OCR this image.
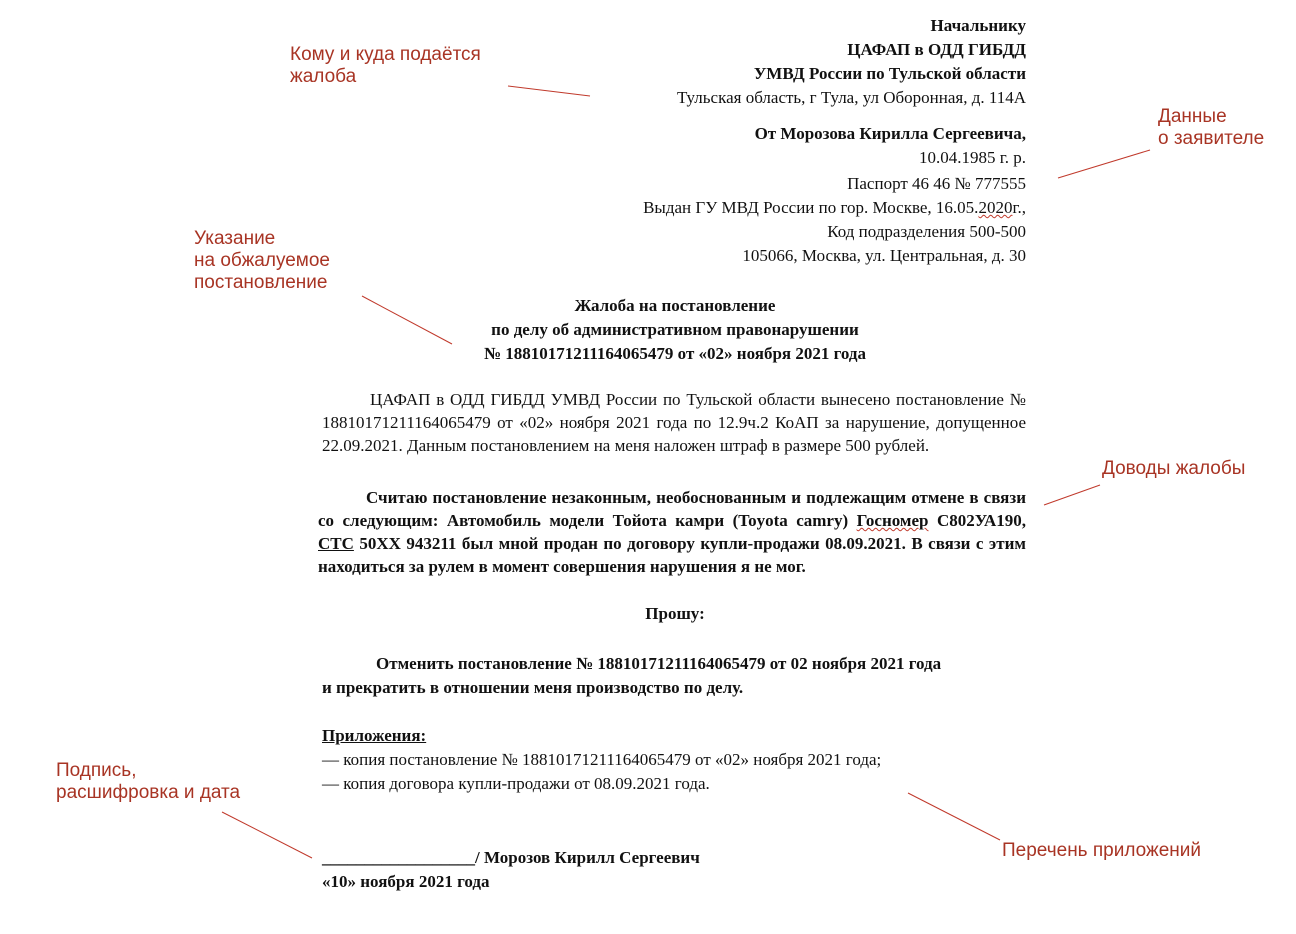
Начальнику
ЦАФАП в ОДД ГИБДД
УМВД России по Тульской области
Тульская область, г Тула, ул Оборонная, д. 114А
От Морозова Кирилла Сергеевича,
10.04.1985 г. р.
Паспорт 46 46 № 777555
Выдан ГУ МВД России по гор. Москве, 16.05.2020г.,
Код подразделения 500-500
105066, Москва, ул. Центральная, д. 30
Жалоба на постановление
по делу об административном правонарушении
№ 18810171211164065479 от «02» ноября 2021 года
ЦАФАП в ОДД ГИБДД УМВД России по Тульской области вынесено постановление № 18810171211164065479 от «02» ноября 2021 года по 12.9ч.2 КоАП за нарушение, допущенное 22.09.2021. Данным постановлением на меня наложен штраф в размере 500 рублей.
Считаю постановление незаконным, необоснованным и подлежащим отмене в связи со следующим: Автомобиль модели Тойота камри (Toyota camry) Госномер С802УА190, СТС 50ХХ 943211 был мной продан по договору купли-продажи 08.09.2021. В связи с этим находиться за рулем в момент совершения нарушения я не мог.
Прошу:
Отменить постановление № 18810171211164065479 от 02 ноября 2021 года
и прекратить в отношении меня производство по делу.
Приложения:
— копия постановление № 18810171211164065479 от «02» ноября 2021 года;
— копия договора купли-продажи от 08.09.2021 года.
__________________/ Морозов Кирилл Сергеевич
«10» ноября 2021 года
Кому и куда подаётся
жалоба
Данные
о заявителе
Указание
на обжалуемое
постановление
Доводы жалобы
Подпись,
расшифровка и дата
Перечень приложений
